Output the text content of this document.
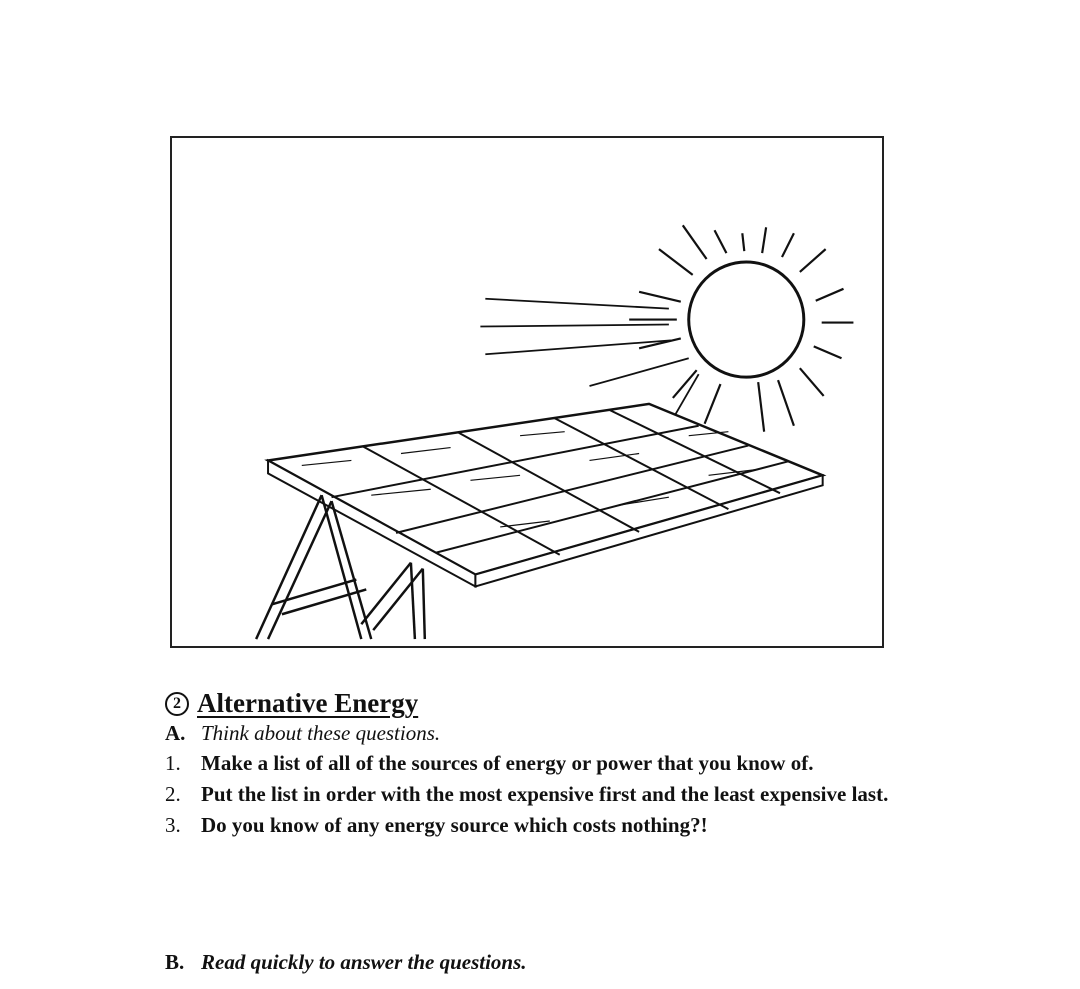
2 Alternative Energy
A. Think about these questions.
1. Make a list of all of the sources of energy or power that you know of.
2. Put the list in order with the most expensive first and the least expensive last.
3. Do you know of any energy source which costs nothing?!
B. Read quickly to answer the questions.
